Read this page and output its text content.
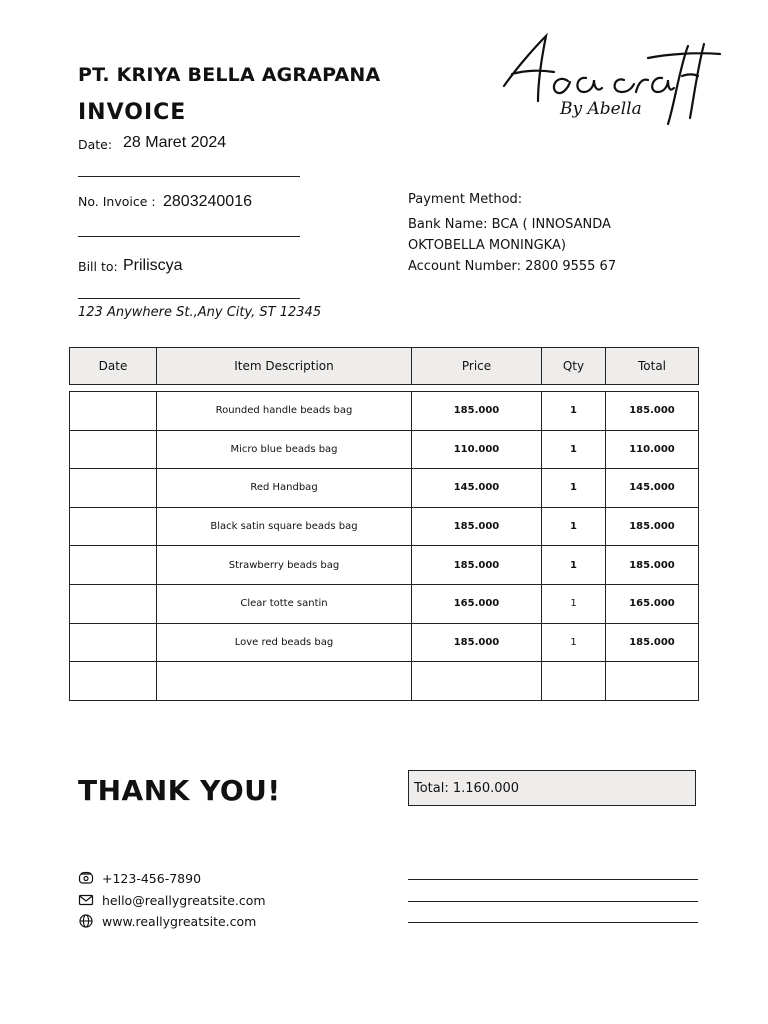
PT. KRIYA BELLA AGRAPANA
INVOICE	By Abella
Date: 28 Maret 2024
No. Invoice : 2803240016
Bill to: Priliscya
123 Anywhere St.,Any City, ST 12345
Payment Method:
Bank Name: BCA ( INNOSANDA
OKTOBELLA MONINGKA)
Account Number: 2800 9555 67
Date	Item Description	Price	Qty	Total
	Rounded handle beads bag	185.000	1	185.000
	Micro blue beads bag	110.000	1	110.000
	Red Handbag	145.000	1	145.000
	Black satin square beads bag	185.000	1	185.000
	Strawberry beads bag	185.000	1	185.000
	Clear totte santin	165.000	1	165.000
	Love red beads bag	185.000	1	185.000

THANK YOU!	Total: 1.160.000
+123-456-7890
hello@reallygreatsite.com
www.reallygreatsite.com
